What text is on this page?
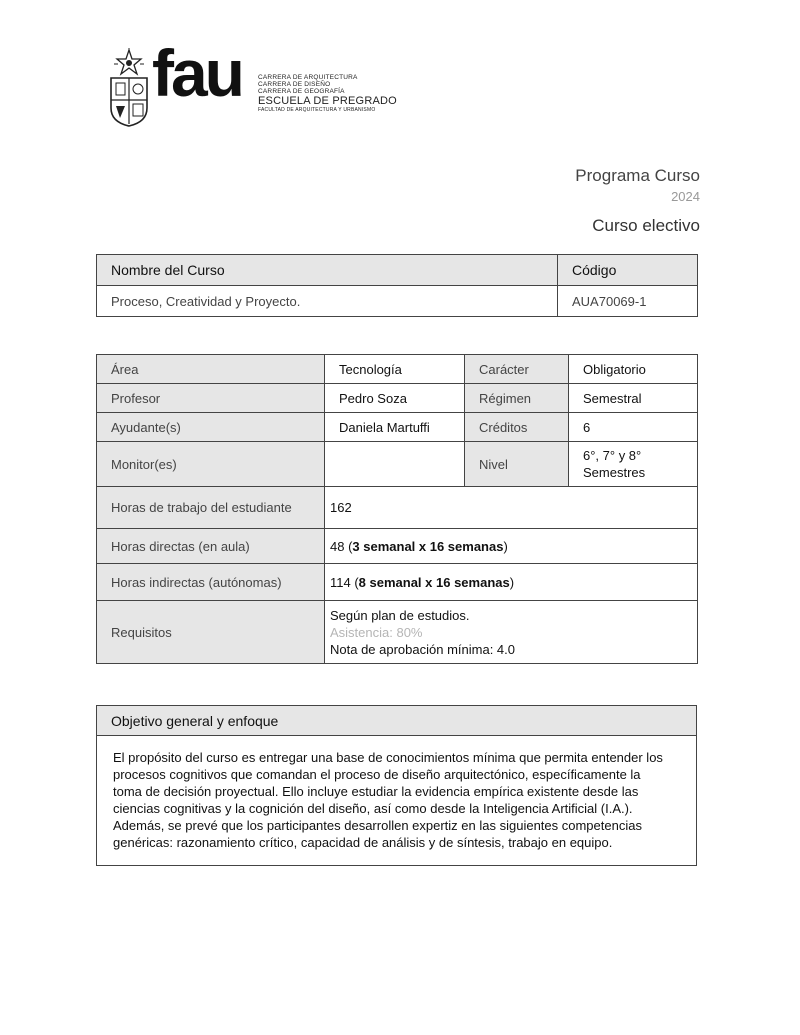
fau CARRERA DE ARQUITECTURA
CARRERA DE DISEÑO
CARRERA DE GEOGRAFÍA
ESCUELA DE PREGRADO
FACULTAD DE ARQUITECTURA Y URBANISMO
Programa Curso
2024
Curso electivo
Nombre del Curso	Código
Proceso, Creatividad y Proyecto.	AUA70069-1
Área	Tecnología	Carácter	Obligatorio
Profesor	Pedro Soza	Régimen	Semestral
Ayudante(s)	Daniela Martuffi	Créditos	6
Monitor(es)		Nivel	6°, 7° y 8°
Semestres

Horas de trabajo del estudiante	162		
Horas directas (en aula)	48 (3 semanal x 16 semanas)		
Horas indirectas (autónomas)	114 (8 semanal x 16 semanas)		
Requisitos	Según plan de estudios.
Asistencia: 80%
Nota de aprobación mínima: 4.0		
Objetivo general y enfoque

El propósito del curso es entregar una base de conocimientos mínima que permita entender los
procesos cognitivos que comandan el proceso de diseño arquitectónico, específicamente la
toma de decisión proyectual. Ello incluye estudiar la evidencia empírica existente desde las
ciencias cognitivas y la cognición del diseño, así como desde la Inteligencia Artificial (I.A.).
Además, se prevé que los participantes desarrollen expertiz en las siguientes competencias
genéricas: razonamiento crítico, capacidad de análisis y de síntesis, trabajo en equipo.
